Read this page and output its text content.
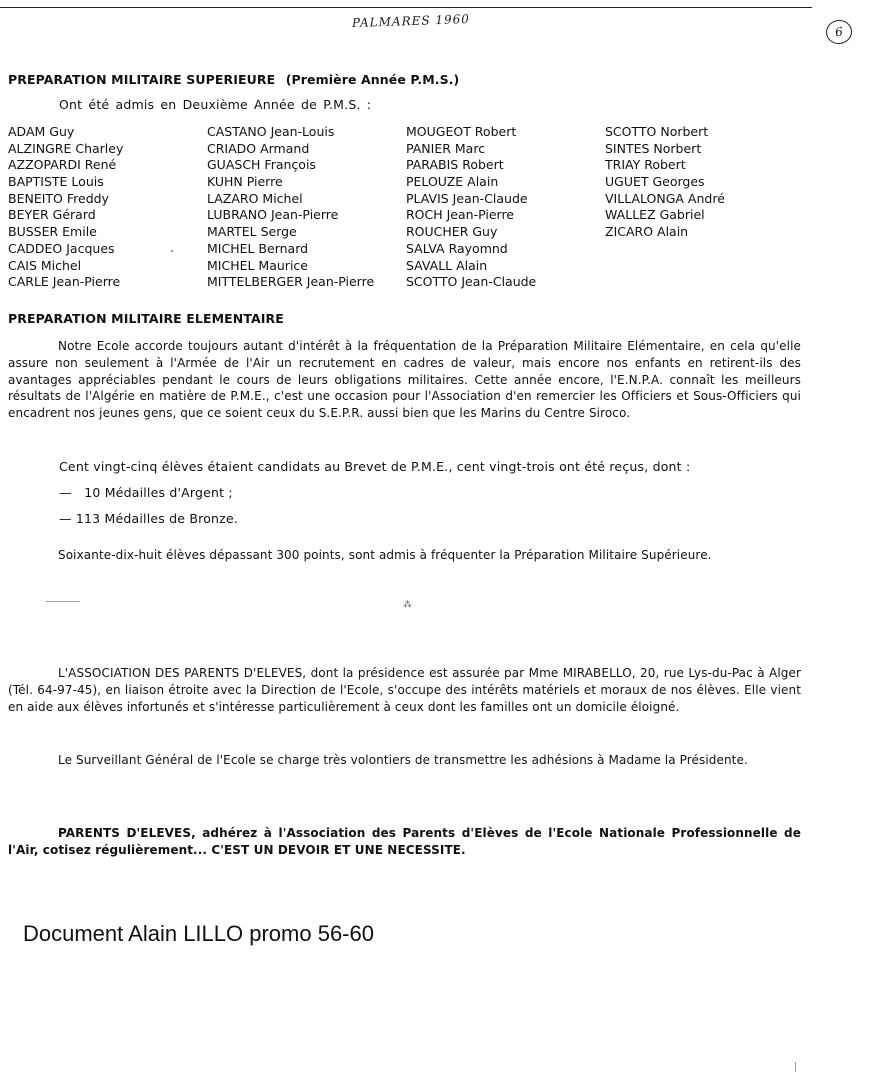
PALMARES 1960
6
PREPARATION MILITAIRE SUPERIEURE (Première Année P.M.S.)
Ont été admis en Deuxième Année de P.M.S. :
ADAM Guy
ALZINGRE Charley
AZZOPARDI René
BAPTISTE Louis
BENEITO Freddy
BEYER Gérard
BUSSER Emile
CADDEO Jacques
CAIS Michel
CARLE Jean-Pierre
CASTANO Jean-Louis
CRIADO Armand
GUASCH François
KUHN Pierre
LAZARO Michel
LUBRANO Jean-Pierre
MARTEL Serge
MICHEL Bernard
MICHEL Maurice
MITTELBERGER Jean-Pierre
MOUGEOT Robert
PANIER Marc
PARABIS Robert
PELOUZE Alain
PLAVIS Jean-Claude
ROCH Jean-Pierre
ROUCHER Guy
SALVA Rayomnd
SAVALL Alain
SCOTTO Jean-Claude
SCOTTO Norbert
SINTES Norbert
TRIAY Robert
UGUET Georges
VILLALONGA André
WALLEZ Gabriel
ZICARO Alain
PREPARATION MILITAIRE ELEMENTAIRE
Notre Ecole accorde toujours autant d'intérêt à la fréquentation de la Préparation Militaire Elémentaire, en cela qu'elle assure non seulement à l'Armée de l'Air un recrutement en cadres de valeur, mais encore nos enfants en retirent-ils des avantages appréciables pendant le cours de leurs obligations militaires. Cette année encore, l'E.N.P.A. connaît les meilleurs résultats de l'Algérie en matière de P.M.E., c'est une occasion pour l'Association d'en remercier les Officiers et Sous-Officiers qui encadrent nos jeunes gens, que ce soient ceux du S.E.P.R. aussi bien que les Marins du Centre Siroco.
Cent vingt-cinq élèves étaient candidats au Brevet de P.M.E., cent vingt-trois ont été reçus, dont :
—   10 Médailles d'Argent ;
— 113 Médailles de Bronze.
Soixante-dix-huit élèves dépassant 300 points, sont admis à fréquenter la Préparation Militaire Supérieure.
⁂
L'ASSOCIATION DES PARENTS D'ELEVES, dont la présidence est assurée par Mme MIRABELLO, 20, rue Lys-du-Pac à Alger (Tél. 64-97-45), en liaison étroite avec la Direction de l'Ecole, s'occupe des intérêts matériels et moraux de nos élèves. Elle vient en aide aux élèves infortunés et s'intéresse particulièrement à ceux dont les familles ont un domicile éloigné.
Le Surveillant Général de l'Ecole se charge très volontiers de transmettre les adhésions à Madame la Présidente.
PARENTS D'ELEVES, adhérez à l'Association des Parents d'Elèves de l'Ecole Nationale Professionnelle de l'Air, cotisez régulièrement... C'EST UN DEVOIR ET UNE NECESSITE.
Document Alain LILLO promo 56-60
